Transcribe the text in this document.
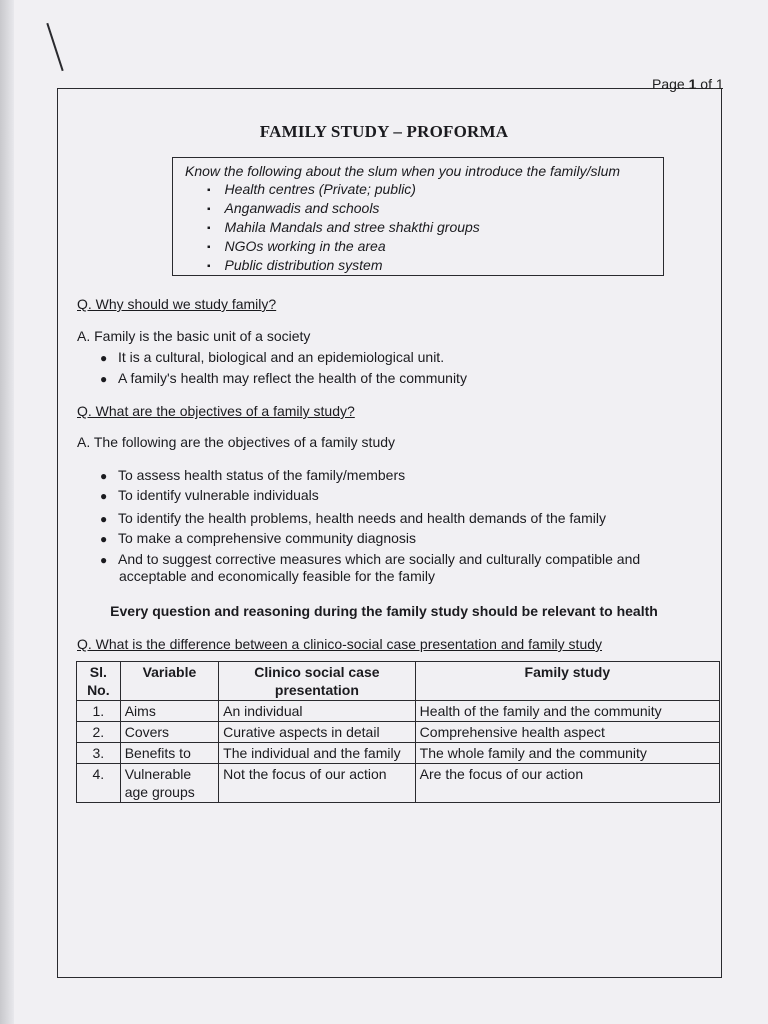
Page 1 of 1
FAMILY STUDY – PROFORMA
Know the following about the slum when you introduce the family/slum
▪ Health centres (Private; public)
▪ Anganwadis and schools
▪ Mahila Mandals and stree shakthi groups
▪ NGOs working in the area
▪ Public distribution system
Q. Why should we study family?
A. Family is the basic unit of a society
● It is a cultural, biological and an epidemiological unit.
● A family's health may reflect the health of the community
Q. What are the objectives of a family study?
A. The following are the objectives of a family study
● To assess health status of the family/members
● To identify vulnerable individuals
● To identify the health problems, health needs and health demands of the family
● To make a comprehensive community diagnosis
● And to suggest corrective measures which are socially and culturally compatible and
acceptable and economically feasible for the family
Every question and reasoning during the family study should be relevant to health
Q. What is the difference between a clinico-social case presentation and family study
Sl. No.	Variable	Clinico social case presentation	Family study
1.	Aims	An individual	Health of the family and the community
2.	Covers	Curative aspects in detail	Comprehensive health aspect
3.	Benefits to	The individual and the family	The whole family and the community
4.	Vulnerable age groups	Not the focus of our action	Are the focus of our action
